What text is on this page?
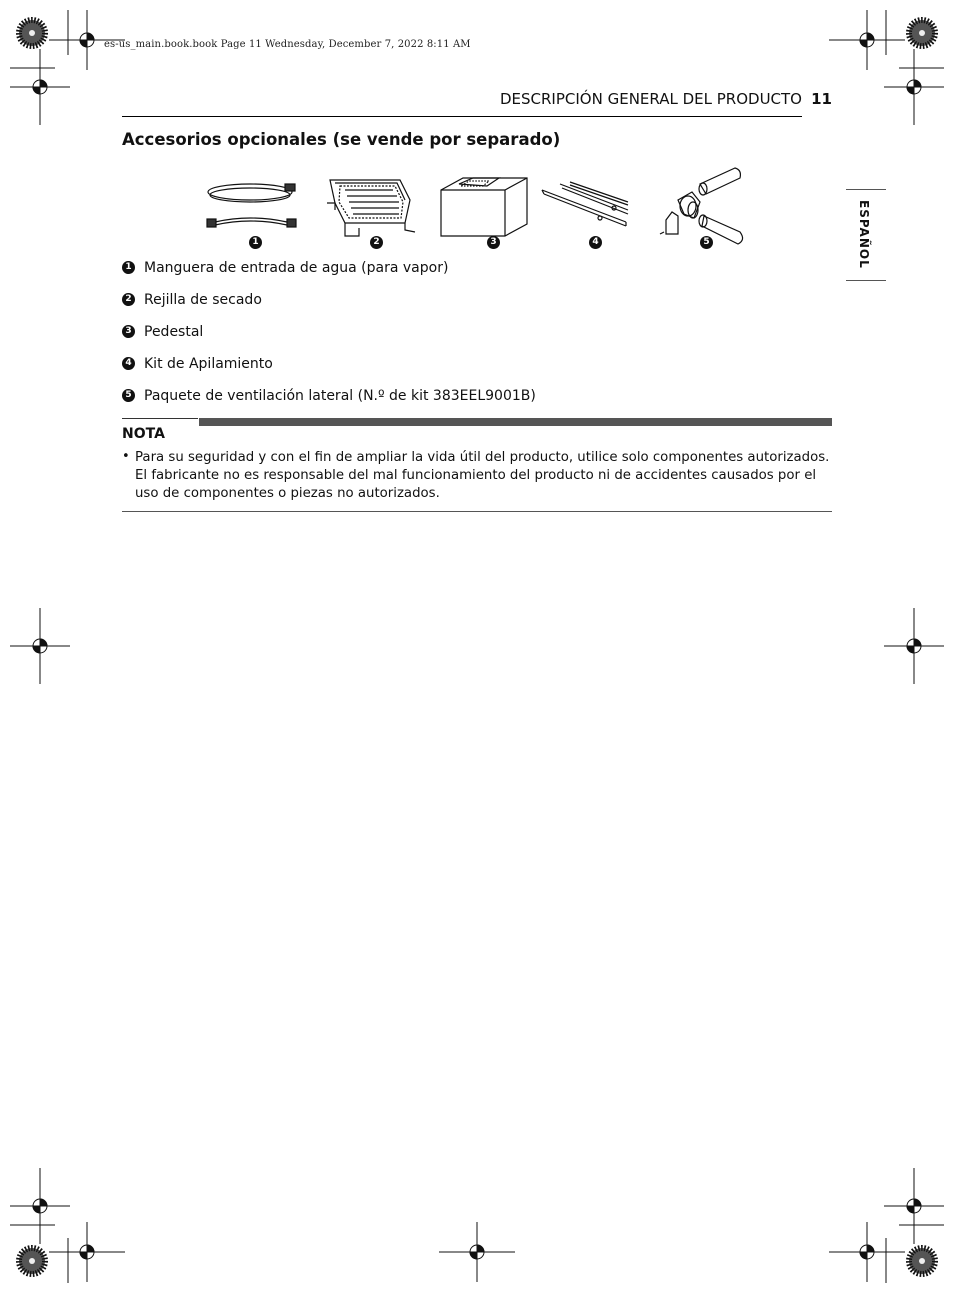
es-us_main.book.book Page 11 Wednesday, December 7, 2022 8:11 AM
DESCRIPCIÓN GENERAL DEL PRODUCTO 11
ESPAÑOL
Accesorios opcionales (se vende por separado)
1	2	3	4	5
1 Manguera de entrada de agua (para vapor)
2 Rejilla de secado
3 Pedestal
4 Kit de Apilamiento
5 Paquete de ventilación lateral (N.º de kit 383EEL9001B)
NOTA
• Para su seguridad y con el fin de ampliar la vida útil del producto, utilice solo componentes autorizados. El fabricante no es responsable del mal funcionamiento del producto ni de accidentes causados por el uso de componentes o piezas no autorizados.
